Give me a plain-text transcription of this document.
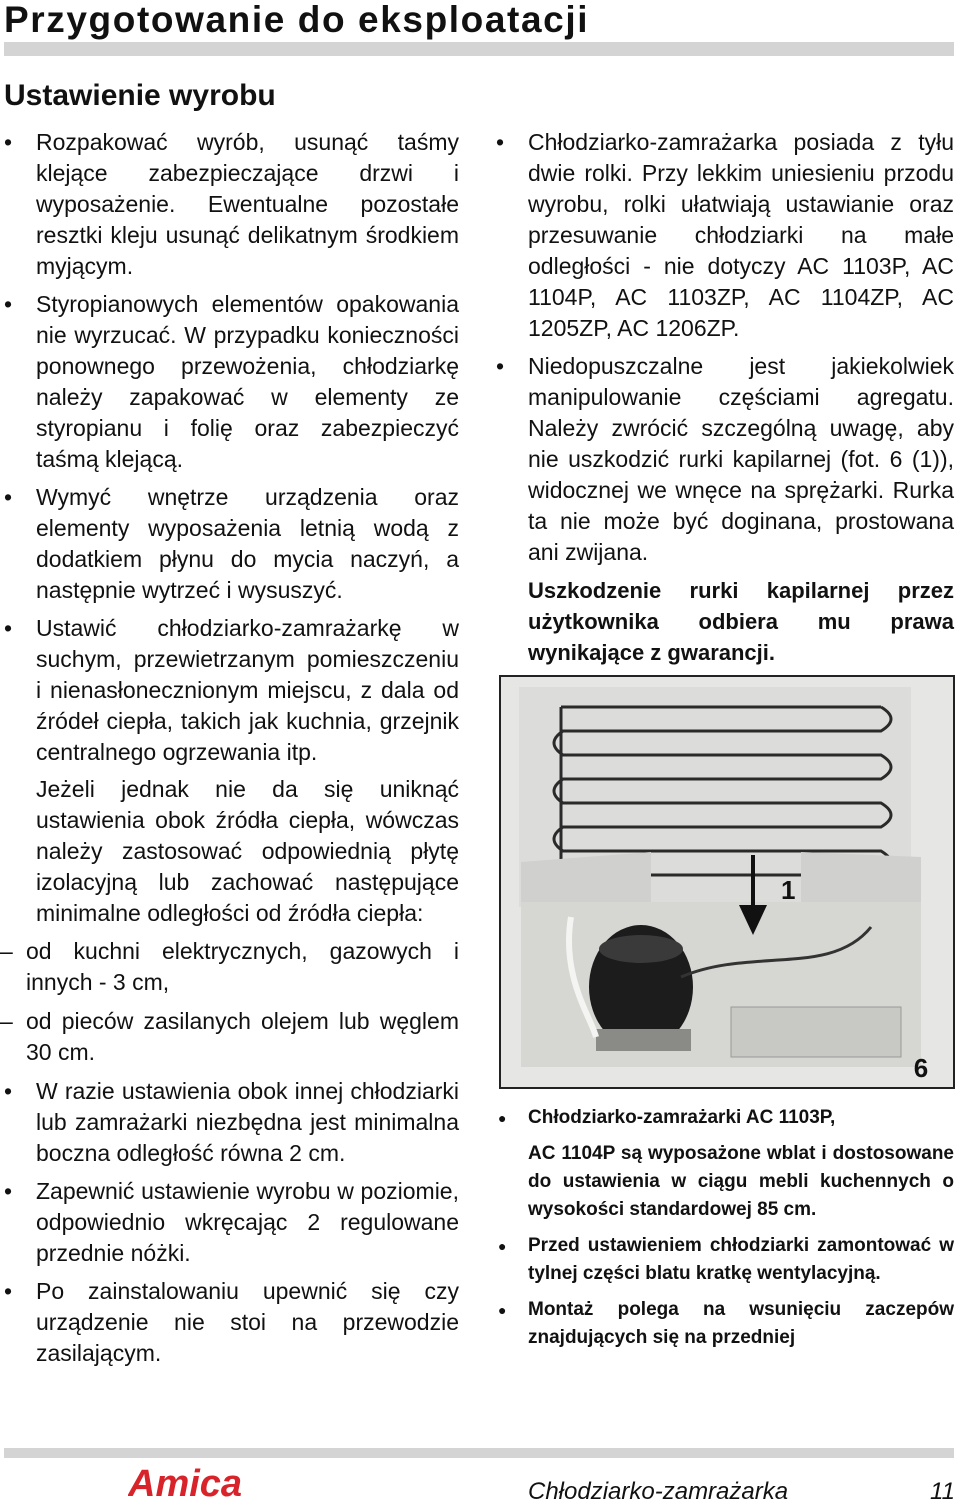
Przygotowanie do eksploatacji
Ustawienie wyrobu
• Rozpakować wyrób, usunąć taśmy klejące zabezpieczające drzwi i wyposażenie. Ewentualne pozostałe resztki kleju usunąć delikatnym środkiem myjącym.
• Styropianowych elementów opakowania nie wyrzucać. W przypadku konieczności ponownego przewożenia, chłodziarkę należy zapakować w elementy ze styropianu i folię oraz zabezpieczyć taśmą klejącą.
• Wymyć wnętrze urządzenia oraz elementy wyposażenia letnią wodą z dodatkiem płynu do mycia naczyń, a następnie wytrzeć i wysuszyć.
• Ustawić chłodziarko-zamrażarkę w suchym, przewietrzanym pomieszczeniu i nienasłonecznionym miejscu, z dala od źródeł ciepła, takich jak kuchnia, grzejnik centralnego ogrzewania itp.

Jeżeli jednak nie da się uniknąć ustawienia obok źródła ciepła, wówczas należy zastosować odpowiednią płytę izolacyjną lub zachować następujące minimalne odległości od źródła ciepła:

– od kuchni elektrycznych, gazowych i innych - 3 cm,
– od pieców zasilanych olejem lub węglem 30 cm.
• W razie ustawienia obok innej chłodziarki lub zamrażarki niezbędna jest minimalna boczna odległość równa 2 cm.
• Zapewnić ustawienie wyrobu w poziomie, odpowiednio wkręcając 2 regulowane przednie nóżki.
• Po zainstalowaniu upewnić się czy urządzenie nie stoi na przewodzie zasilającym.
• Chłodziarko-zamrażarka posiada z tyłu dwie rolki. Przy lekkim uniesieniu przodu wyrobu, rolki ułatwiają ustawianie oraz przesuwanie chłodziarki na małe odległości - nie dotyczy AC 1103P, AC 1104P, AC 1103ZP, AC 1104ZP, AC 1205ZP, AC 1206ZP.
• Niedopuszczalne jest jakiekolwiek manipulowanie częściami agregatu. Należy zwrócić szczególną uwagę, aby nie uszkodzić rurki kapilarnej (fot. 6 (1)), widocznej we wnęce na sprężarki. Rurka ta nie może być doginana, prostowana ani zwijana.

Uszkodzenie rurki kapilarnej przez użytkownika odbiera mu prawa wynikające z gwarancji.

1
6
● Chłodziarko-zamrażarki AC 1103P,

AC 1104P są wyposażone wblat i dostosowane do ustawienia w ciągu mebli kuchennych o wysokości standardowej 85 cm.

● Przed ustawieniem chłodziarki zamontować w tylnej części blatu kratkę wentylacyjną.
● Montaż polega na wsunięciu zaczepów znajdujących się na przedniej
Amica	Chłodziarko-zamrażarka	11
